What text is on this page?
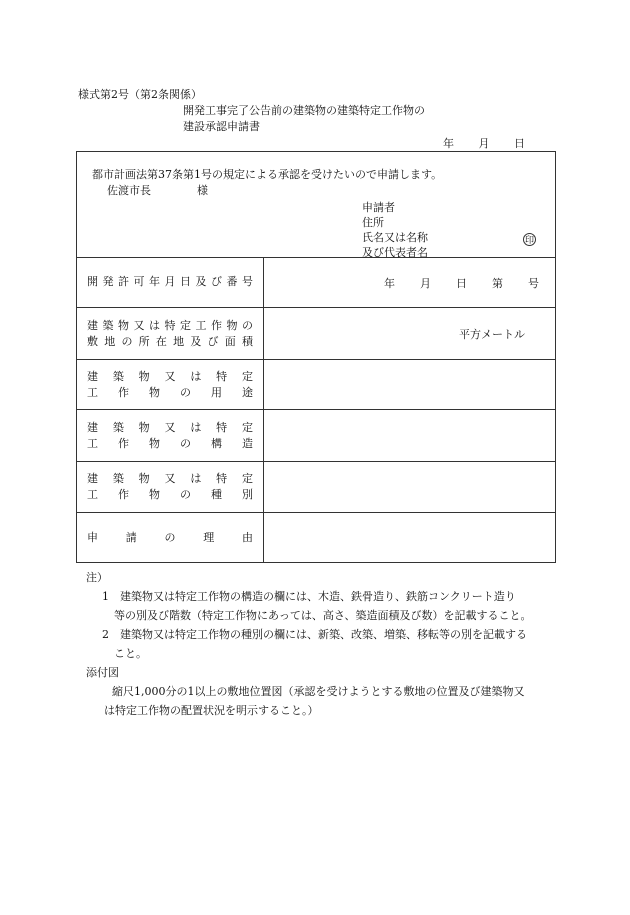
様式第2号（第2条関係）
開発工事完了公告前の建築物の建築特定工作物の
建設承認申請書
年 月 日
都市計画法第37条第1号の規定による承認を受けたいので申請します。
佐渡市長	様
申請者
住所
氏名又は名称
及び代表者名
印
開発許可年月日及び番号	年 月 日 第 号
建築物又は特定工作物の
敷地の所在地及び面積	平方メートル
建築物又は特定
工作物の用途
建築物又は特定
工作物の構造
建築物又は特定
工作物の種別
申請の理由
注）
1　建築物又は特定工作物の構造の欄には、木造、鉄骨造り、鉄筋コンクリート造り
等の別及び階数（特定工作物にあっては、高さ、築造面積及び数）を記載すること。
2　建築物又は特定工作物の種別の欄には、新築、改築、増築、移転等の別を記載する
こと。
添付図
縮尺1,000分の1以上の敷地位置図（承認を受けようとする敷地の位置及び建築物又
は特定工作物の配置状況を明示すること。）
